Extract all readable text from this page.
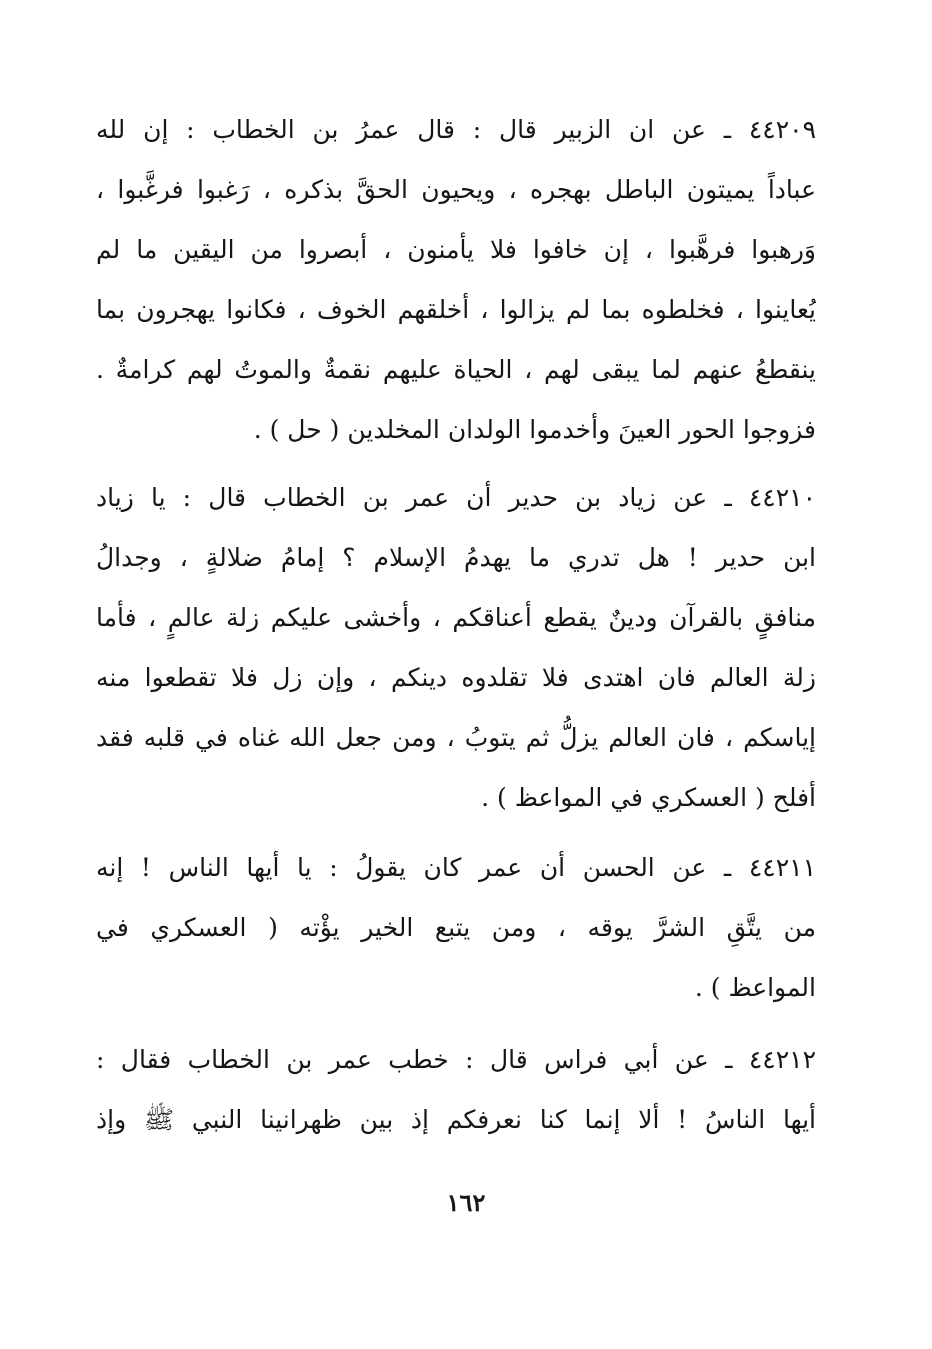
٤٤٢٠٩ ـ عن ان الزبير قال : قال عمرُ بن الخطاب : إن لله
عباداً يميتون الباطل بهجره ، ويحيون الحقَّ بذكره ، رَغبوا فرغَّبوا ،
وَرهبوا فرهَّبوا ، إن خافوا فلا يأمنون ، أبصروا من اليقين ما لم
يُعاينوا ، فخلطوه بما لم يزالوا ، أخلقهم الخوف ، فكانوا يهجرون بما
ينقطعُ عنهم لما يبقى لهم ، الحياة عليهم نقمةٌ والموتُ لهم كرامةٌ .
فزوجوا الحور العينَ وأخدموا الولدان المخلدين ( حل ) .
٤٤٢١٠ ـ عن زياد بن حدير أن عمر بن الخطاب قال : يا زياد
ابن حدير ! هل تدري ما يهدمُ الإسلام ؟ إمامُ ضلالةٍ ، وجدالُ
منافقٍ بالقرآن ودينٌ يقطع أعناقكم ، وأخشى عليكم زلة عالمٍ ، فأما
زلة العالم فان اهتدى فلا تقلدوه دينكم ، وإن زل فلا تقطعوا منه
إياسكم ، فان العالم يزلُّ ثم يتوبُ ، ومن جعل الله غناه في قلبه فقد
أفلح ( العسكري في المواعظ ) .
٤٤٢١١ ـ عن الحسن أن عمر كان يقولُ : يا أيها الناس ! إنه
من يتَّقِ الشرَّ يوقه ، ومن يتبع الخير يؤْته ( العسكري في
المواعظ ) .
٤٤٢١٢ ـ عن أبي فراس قال : خطب عمر بن الخطاب فقال :
أيها الناسُ ! ألا إنما كنا نعرفكم إذ بين ظهرانينا النبي ﷺ وإذ
١٦٢
